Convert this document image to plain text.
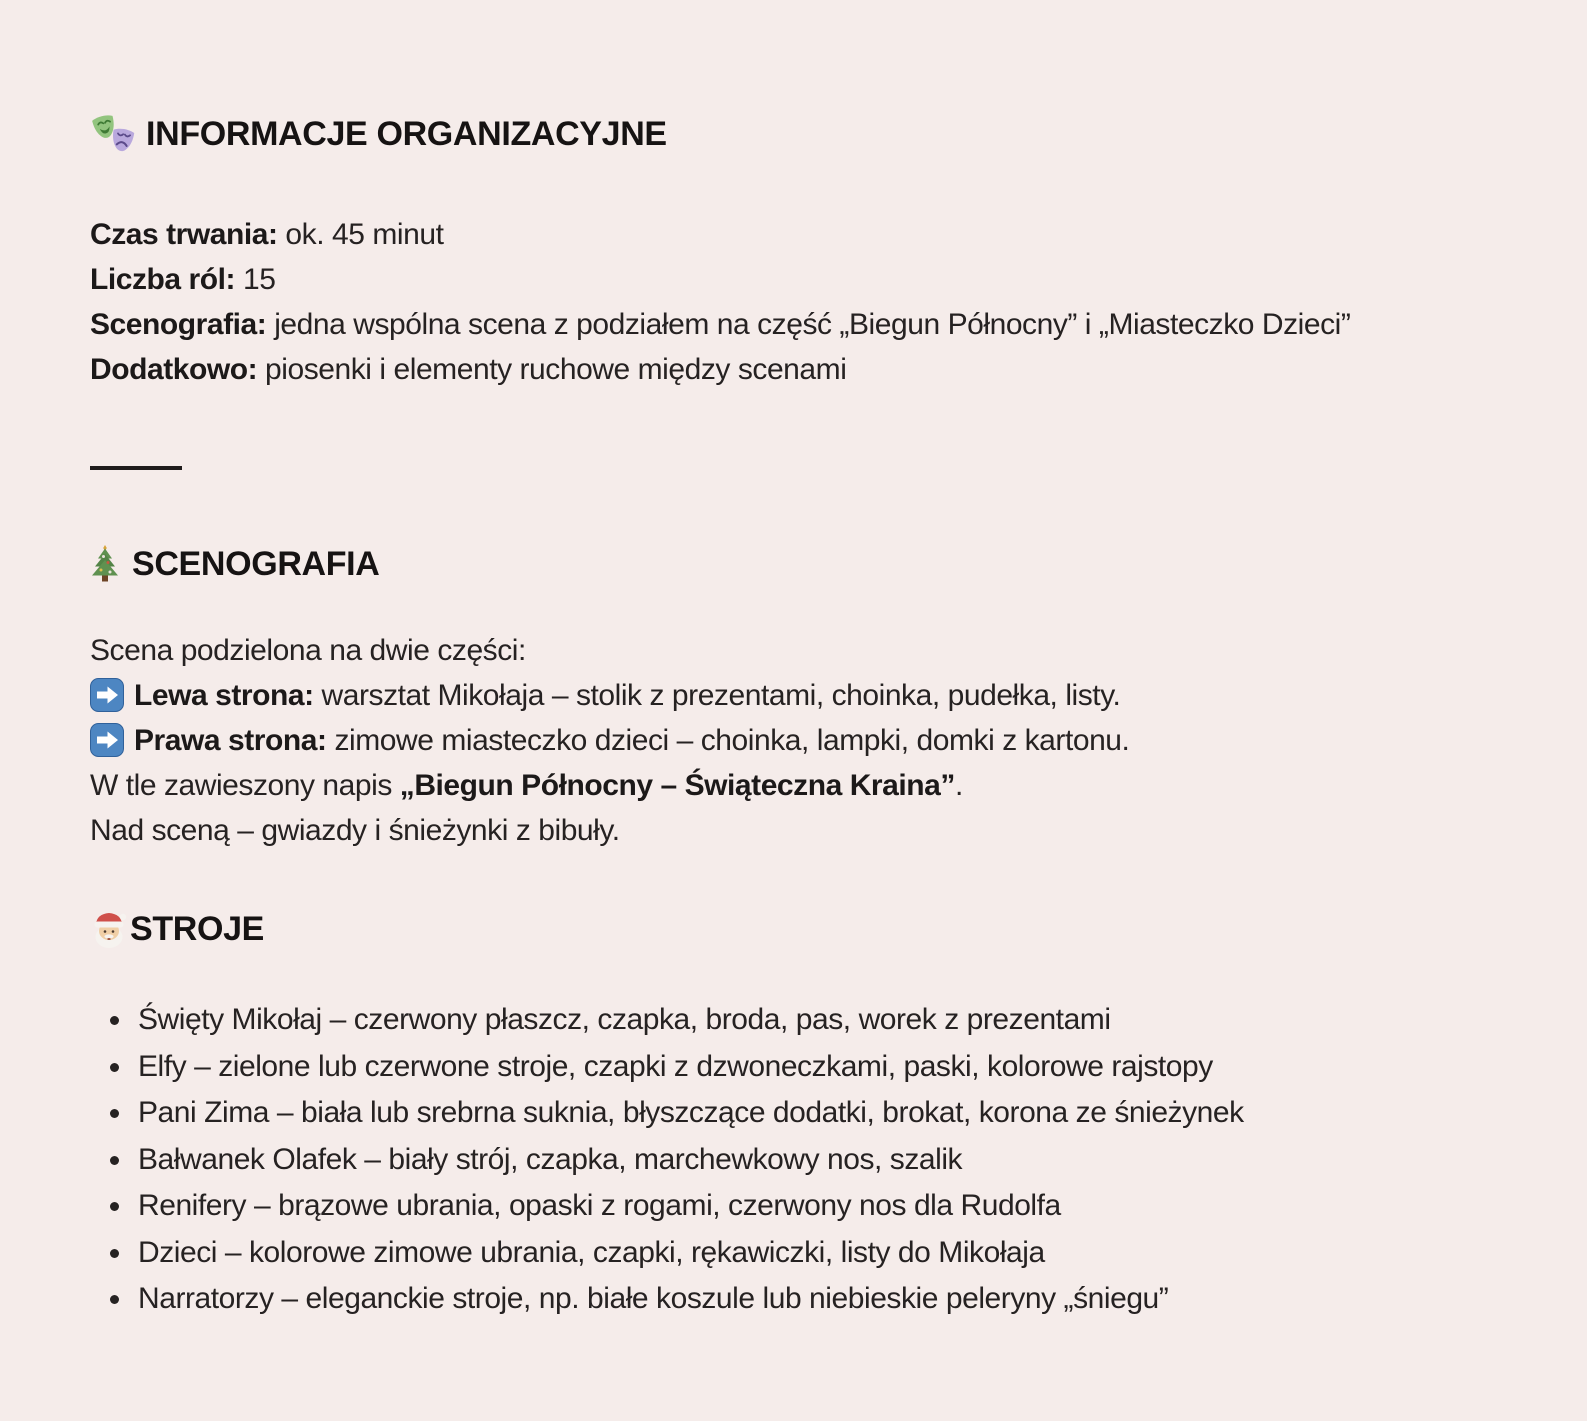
INFORMACJE ORGANIZACYJNE

Czas trwania: ok. 45 minut
Liczba ról: 15
Scenografia: jedna wspólna scena z podziałem na część „Biegun Północny” i „Miasteczko Dzieci”
Dodatkowo: piosenki i elementy ruchowe między scenami

SCENOGRAFIA

Scena podzielona na dwie części:

Lewa strona: warsztat Mikołaja – stolik z prezentami, choinka, pudełka, listy.
Prawa strona: zimowe miasteczko dzieci – choinka, lampki, domki z kartonu.
W tle zawieszony napis „Biegun Północny – Świąteczna Kraina”.
Nad sceną – gwiazdy i śnieżynki z bibuły.

STROJE
• Święty Mikołaj – czerwony płaszcz, czapka, broda, pas, worek z prezentami
• Elfy – zielone lub czerwone stroje, czapki z dzwoneczkami, paski, kolorowe rajstopy
• Pani Zima – biała lub srebrna suknia, błyszczące dodatki, brokat, korona ze śnieżynek
• Bałwanek Olafek – biały strój, czapka, marchewkowy nos, szalik
• Renifery – brązowe ubrania, opaski z rogami, czerwony nos dla Rudolfa
• Dzieci – kolorowe zimowe ubrania, czapki, rękawiczki, listy do Mikołaja
• Narratorzy – eleganckie stroje, np. białe koszule lub niebieskie peleryny „śniegu”
